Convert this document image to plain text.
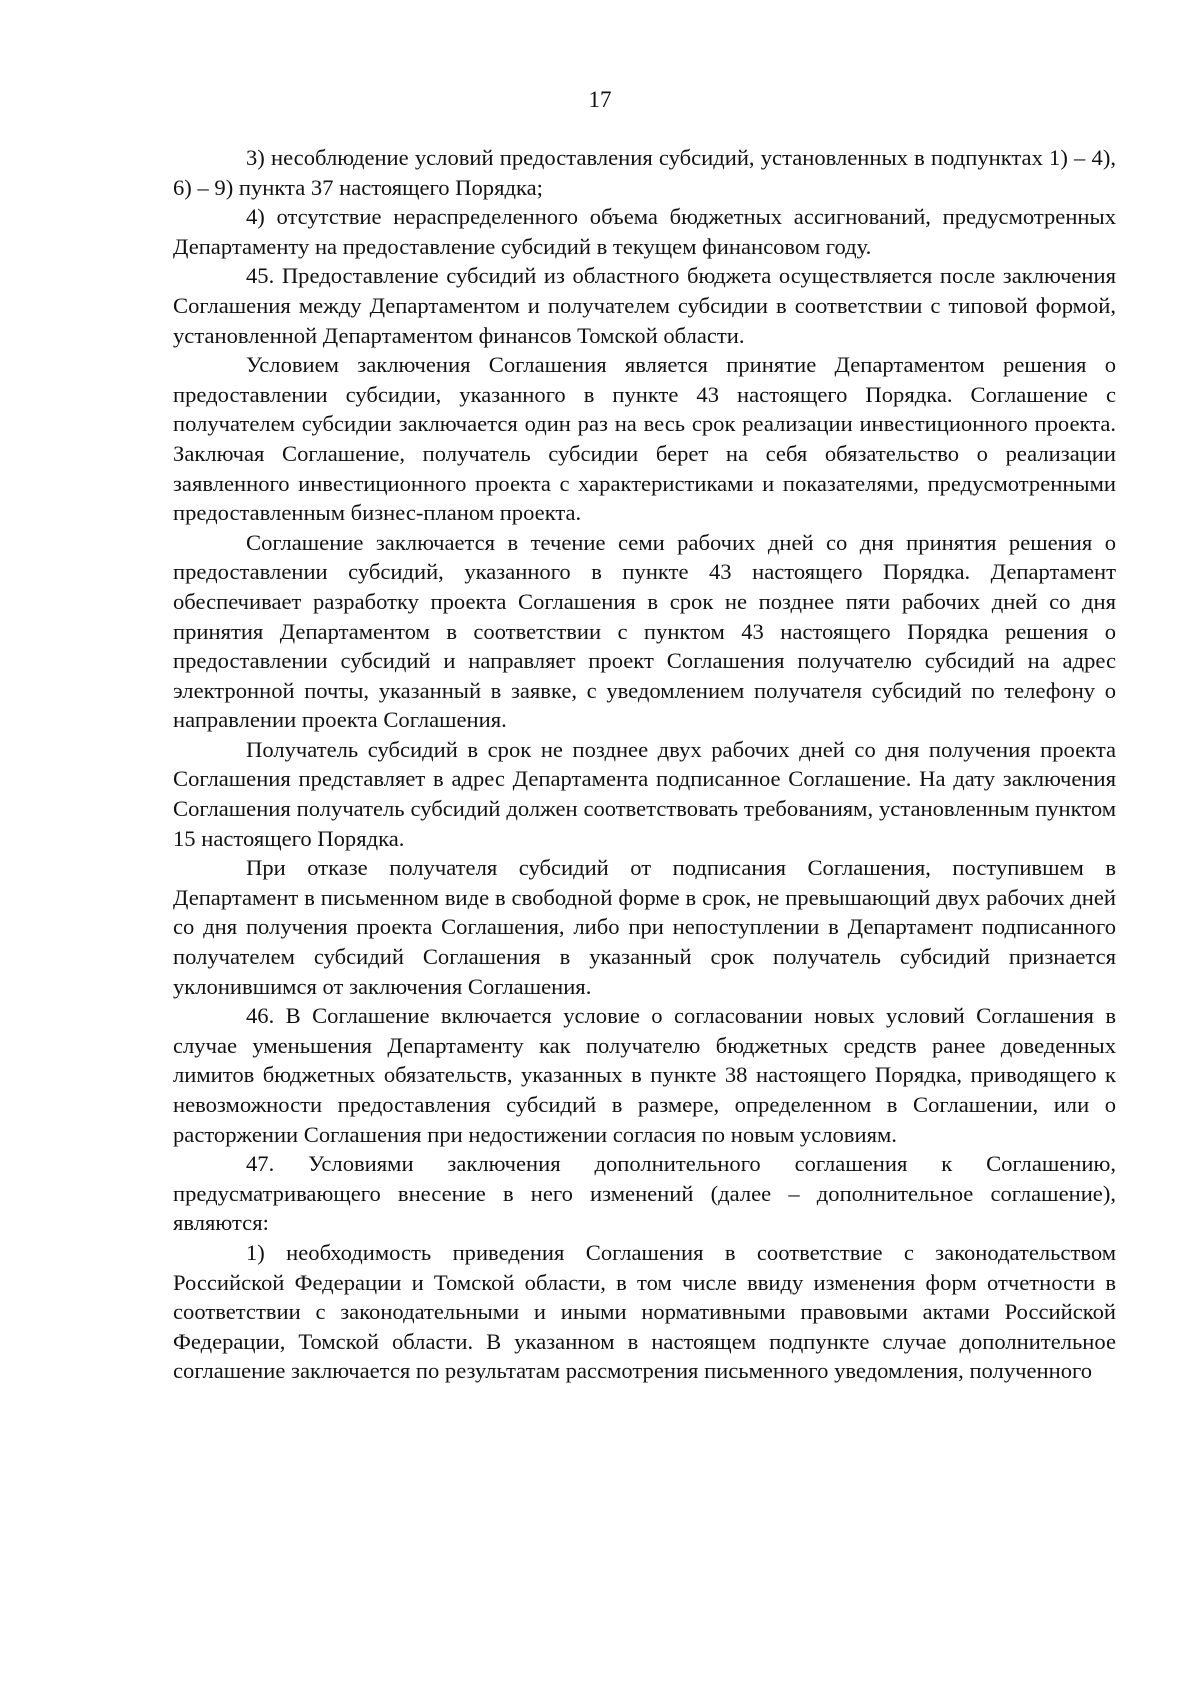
17

3) несоблюдение условий предоставления субсидий, установленных в подпунктах 1) – 4), 6) – 9) пункта 37 настоящего Порядка;

4) отсутствие нераспределенного объема бюджетных ассигнований, предусмотренных Департаменту на предоставление субсидий в текущем финансовом году.

45. Предоставление субсидий из областного бюджета осуществляется после заключения Соглашения между Департаментом и получателем субсидии в соответствии с типовой формой, установленной Департаментом финансов Томской области.

Условием заключения Соглашения является принятие Департаментом решения о предоставлении субсидии, указанного в пункте 43 настоящего Порядка. Соглашение с получателем субсидии заключается один раз на весь срок реализации инвестиционного проекта. Заключая Соглашение, получатель субсидии берет на себя обязательство о реализации заявленного инвестиционного проекта с характеристиками и показателями, предусмотренными предоставленным бизнес-планом проекта.

Соглашение заключается в течение семи рабочих дней со дня принятия решения о предоставлении субсидий, указанного в пункте 43 настоящего Порядка. Департамент обеспечивает разработку проекта Соглашения в срок не позднее пяти рабочих дней со дня принятия Департаментом в соответствии с пунктом 43 настоящего Порядка решения о предоставлении субсидий и направляет проект Соглашения получателю субсидий на адрес электронной почты, указанный в заявке, с уведомлением получателя субсидий по телефону о направлении проекта Соглашения.

Получатель субсидий в срок не позднее двух рабочих дней со дня получения проекта Соглашения представляет в адрес Департамента подписанное Соглашение. На дату заключения Соглашения получатель субсидий должен соответствовать требованиям, установленным пунктом 15 настоящего Порядка.

При отказе получателя субсидий от подписания Соглашения, поступившем в Департамент в письменном виде в свободной форме в срок, не превышающий двух рабочих дней со дня получения проекта Соглашения, либо при непоступлении в Департамент подписанного получателем субсидий Соглашения в указанный срок получатель субсидий признается уклонившимся от заключения Соглашения.

46. В Соглашение включается условие о согласовании новых условий Соглашения в случае уменьшения Департаменту как получателю бюджетных средств ранее доведенных лимитов бюджетных обязательств, указанных в пункте 38 настоящего Порядка, приводящего к невозможности предоставления субсидий в размере, определенном в Соглашении, или о расторжении Соглашения при недостижении согласия по новым условиям.

47. Условиями заключения дополнительного соглашения к Соглашению, предусматривающего внесение в него изменений (далее – дополнительное соглашение), являются:

1) необходимость приведения Соглашения в соответствие с законодательством Российской Федерации и Томской области, в том числе ввиду изменения форм отчетности в соответствии с законодательными и иными нормативными правовыми актами Российской Федерации, Томской области. В указанном в настоящем подпункте случае дополнительное соглашение заключается по результатам рассмотрения письменного уведомления, полученного
